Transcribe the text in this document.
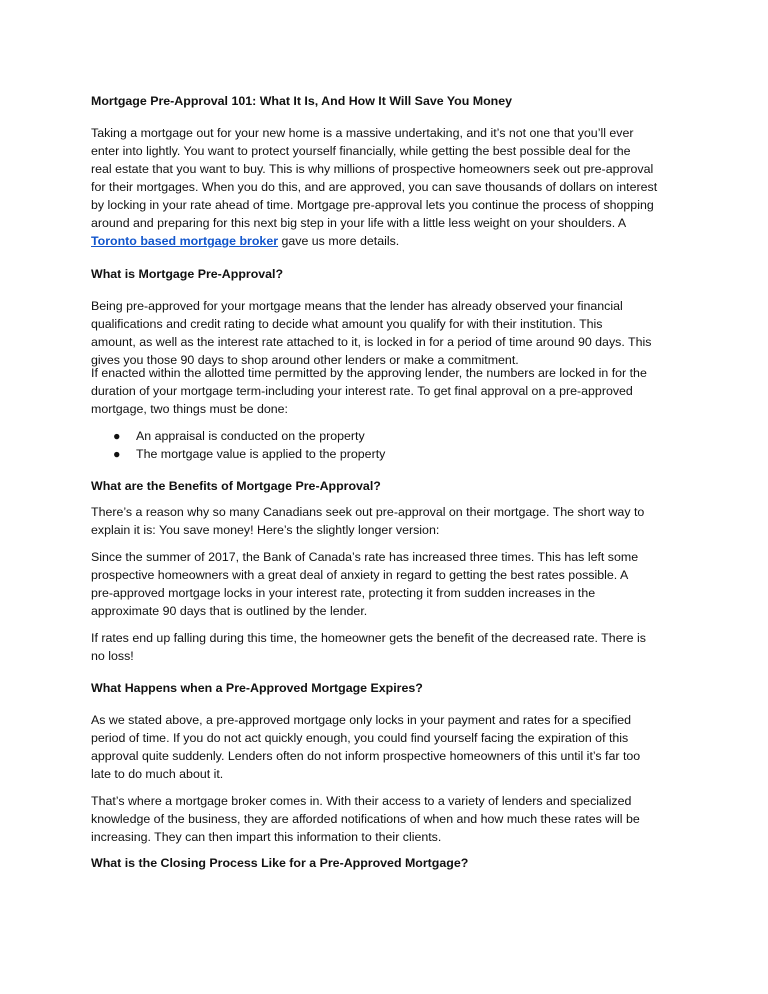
Mortgage Pre-Approval 101: What It Is, And How It Will Save You Money
Taking a mortgage out for your new home is a massive undertaking, and it’s not one that you’ll ever
enter into lightly. You want to protect yourself financially, while getting the best possible deal for the
real estate that you want to buy. This is why millions of prospective homeowners seek out pre-approval
for their mortgages. When you do this, and are approved, you can save thousands of dollars on interest
by locking in your rate ahead of time. Mortgage pre-approval lets you continue the process of shopping
around and preparing for this next big step in your life with a little less weight on your shoulders. A
Toronto based mortgage broker gave us more details.
What is Mortgage Pre-Approval?
Being pre-approved for your mortgage means that the lender has already observed your financial
qualifications and credit rating to decide what amount you qualify for with their institution. This
amount, as well as the interest rate attached to it, is locked in for a period of time around 90 days. This
gives you those 90 days to shop around other lenders or make a commitment.
If enacted within the allotted time permitted by the approving lender, the numbers are locked in for the
duration of your mortgage term-including your interest rate. To get final approval on a pre-approved
mortgage, two things must be done:
● An appraisal is conducted on the property
● The mortgage value is applied to the property
What are the Benefits of Mortgage Pre-Approval?
There’s a reason why so many Canadians seek out pre-approval on their mortgage. The short way to
explain it is: You save money! Here’s the slightly longer version:
Since the summer of 2017, the Bank of Canada’s rate has increased three times. This has left some
prospective homeowners with a great deal of anxiety in regard to getting the best rates possible. A
pre-approved mortgage locks in your interest rate, protecting it from sudden increases in the
approximate 90 days that is outlined by the lender.
If rates end up falling during this time, the homeowner gets the benefit of the decreased rate. There is
no loss!
What Happens when a Pre-Approved Mortgage Expires?
As we stated above, a pre-approved mortgage only locks in your payment and rates for a specified
period of time. If you do not act quickly enough, you could find yourself facing the expiration of this
approval quite suddenly. Lenders often do not inform prospective homeowners of this until it’s far too
late to do much about it.
That’s where a mortgage broker comes in. With their access to a variety of lenders and specialized
knowledge of the business, they are afforded notifications of when and how much these rates will be
increasing. They can then impart this information to their clients.
What is the Closing Process Like for a Pre-Approved Mortgage?
